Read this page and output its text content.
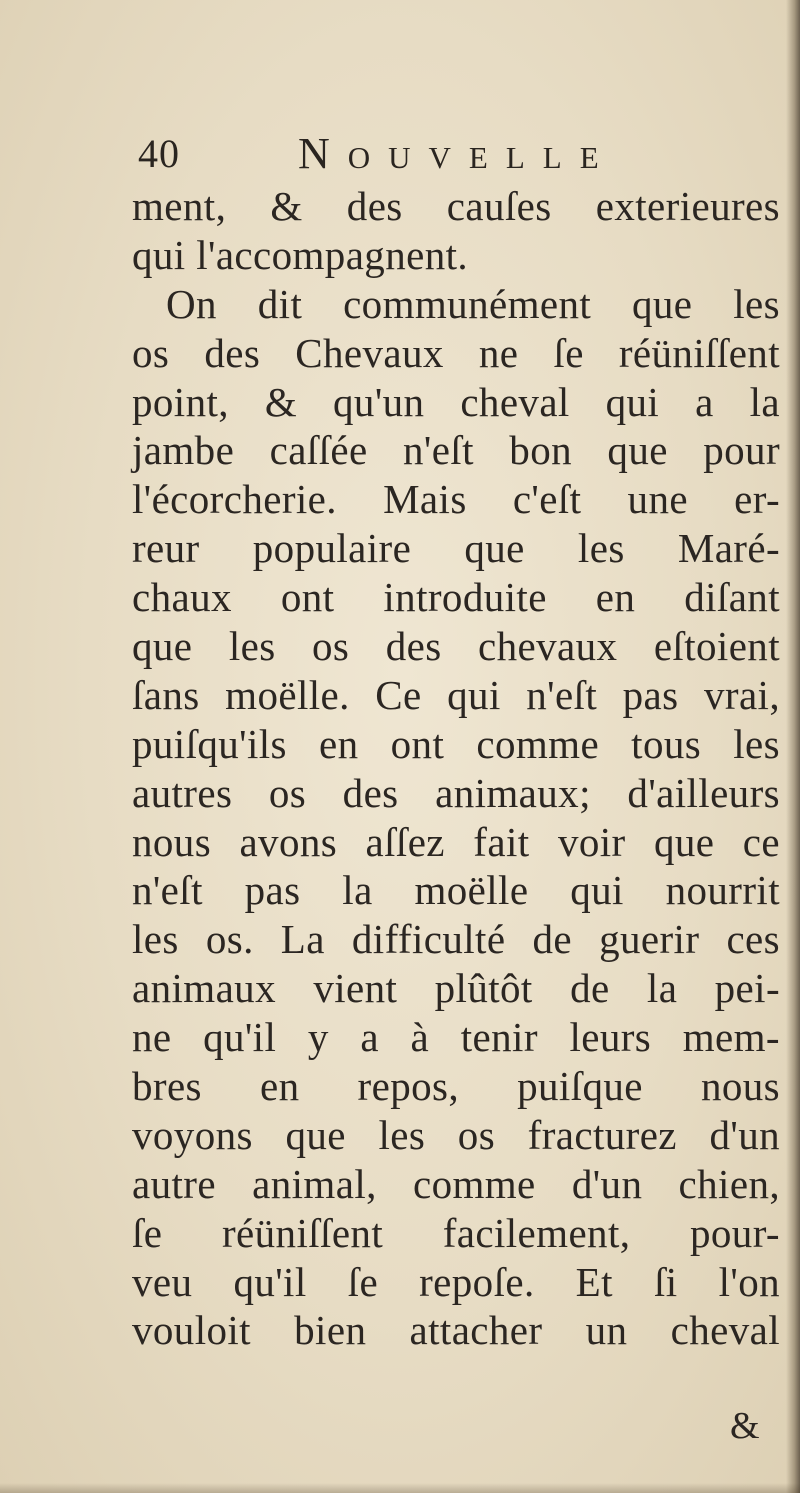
40	Nouvelle
ment, & des cauſes exterieures
qui l'accompagnent.
On dit communément que les
os des Chevaux ne ſe réüniſſent
point, & qu'un cheval qui a la
jambe caſſée n'eſt bon que pour
l'écorcherie. Mais c'eſt une er-
reur populaire que les Maré-
chaux ont introduite en diſant
que les os des chevaux eſtoient
ſans moëlle. Ce qui n'eſt pas vrai,
puiſqu'ils en ont comme tous les
autres os des animaux; d'ailleurs
nous avons aſſez fait voir que ce
n'eſt pas la moëlle qui nourrit
les os. La difficulté de guerir ces
animaux vient plûtôt de la pei-
ne qu'il y a à tenir leurs mem-
bres en repos, puiſque nous
voyons que les os fracturez d'un
autre animal, comme d'un chien,
ſe réüniſſent facilement, pour-
veu qu'il ſe repoſe. Et ſi l'on
vouloit bien attacher un cheval
&
